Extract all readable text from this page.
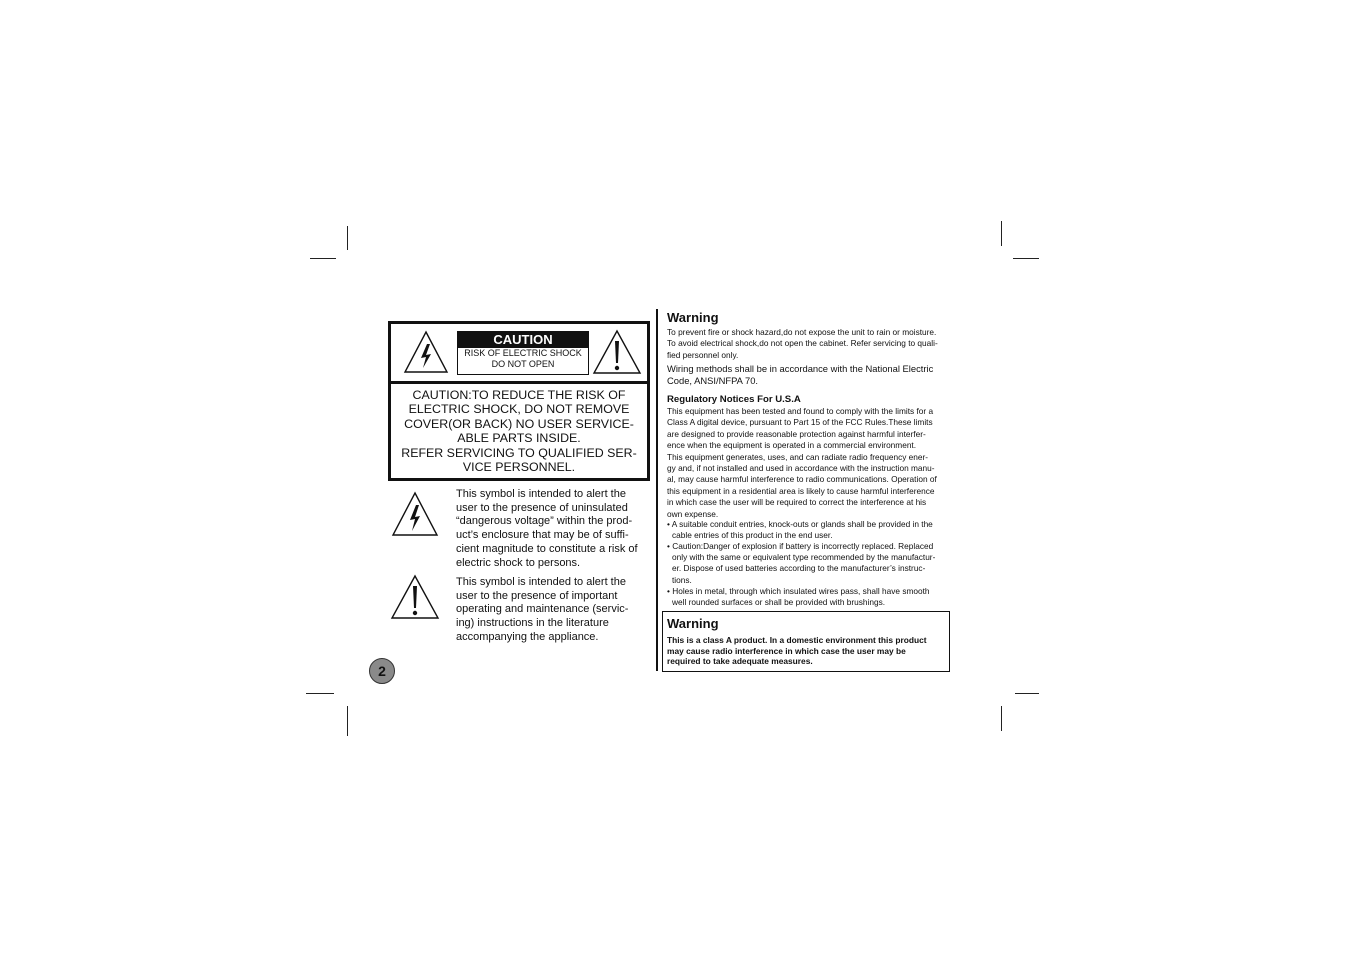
CAUTION
RISK OF ELECTRIC SHOCK
DO NOT OPEN
CAUTION:TO REDUCE THE RISK OF
ELECTRIC SHOCK, DO NOT REMOVE
COVER(OR BACK) NO USER SERVICE-
ABLE PARTS INSIDE.
REFER SERVICING TO QUALIFIED SER-
VICE PERSONNEL.
This symbol is intended to alert the
user to the presence of uninsulated
“dangerous voltage” within the prod-
uct’s enclosure that may be of suffi-
cient magnitude to constitute a risk of
electric shock to persons.
This symbol is intended to alert the
user to the presence of important
operating and maintenance (servic-
ing) instructions in the literature
accompanying the appliance.
2
Warning
To prevent fire or shock hazard,do not expose the unit to rain or moisture.
To avoid electrical shock,do not open the cabinet. Refer servicing to quali-
fied personnel only.
Wiring methods shall be in accordance with the National Electric
Code, ANSI/NFPA 70.
Regulatory Notices For U.S.A
This equipment has been tested and found to comply with the limits for a
Class A digital device, pursuant to Part 15 of the FCC Rules.These limits
are designed to provide reasonable protection against harmful interfer-
ence when the equipment is operated in a commercial environment.
This equipment generates, uses, and can radiate radio frequency ener-
gy and, if not installed and used in accordance with the instruction manu-
al, may cause harmful interference to radio communications. Operation of
this equipment in a residential area is likely to cause harmful interference
in which case the user will be required to correct the interference at his
own expense.
• A suitable conduit entries, knock-outs or glands shall be provided in the
cable entries of this product in the end user.
• Caution:Danger of explosion if battery is incorrectly replaced. Replaced
only with the same or equivalent type recommended by the manufactur-
er. Dispose of used batteries according to the manufacturer’s instruc-
tions.
• Holes in metal, through which insulated wires pass, shall have smooth
well rounded surfaces or shall be provided with brushings.
Warning
This is a class A product. In a domestic environment this product
may cause radio interference in which case the user may be
required to take adequate measures.
